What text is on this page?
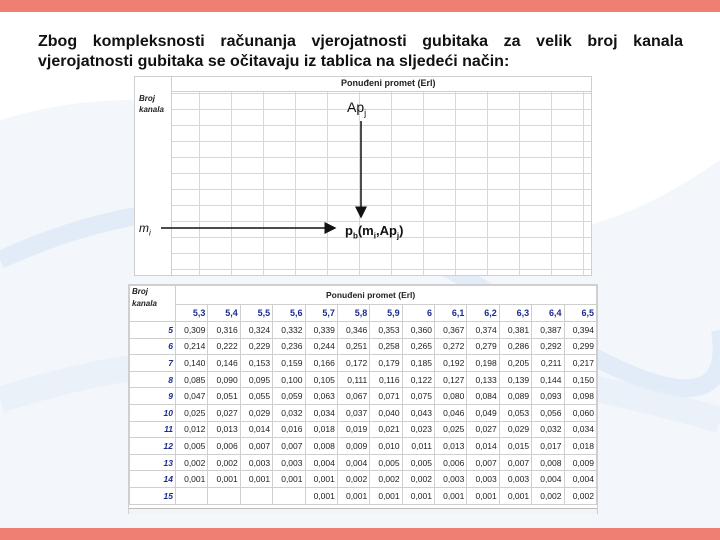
Zbog kompleksnosti računanja vjerojatnosti gubitaka za velik broj kanala
vjerojatnosti gubitaka se očitavaju iz tablica na sljedeći način:
Ponuđeni promet (Erl)
Broj
kanala	$Ap_j$
$m_i$	$p_b(m_i,Ap_j)$
Broj
kanala	Ponuđeni promet (Erl)												
	5,3	5,4	5,5	5,6	5,7	5,8	5,9	6	6,1	6,2	6,3	6,4	6,5
5	0,309	0,316	0,324	0,332	0,339	0,346	0,353	0,360	0,367	0,374	0,381	0,387	0,394
6	0,214	0,222	0,229	0,236	0,244	0,251	0,258	0,265	0,272	0,279	0,286	0,292	0,299
7	0,140	0,146	0,153	0,159	0,166	0,172	0,179	0,185	0,192	0,198	0,205	0,211	0,217
8	0,085	0,090	0,095	0,100	0,105	0,111	0,116	0,122	0,127	0,133	0,139	0,144	0,150
9	0,047	0,051	0,055	0,059	0,063	0,067	0,071	0,075	0,080	0,084	0,089	0,093	0,098
10	0,025	0,027	0,029	0,032	0,034	0,037	0,040	0,043	0,046	0,049	0,053	0,056	0,060
11	0,012	0,013	0,014	0,016	0,018	0,019	0,021	0,023	0,025	0,027	0,029	0,032	0,034
12	0,005	0,006	0,007	0,007	0,008	0,009	0,010	0,011	0,013	0,014	0,015	0,017	0,018
13	0,002	0,002	0,003	0,003	0,004	0,004	0,005	0,005	0,006	0,007	0,007	0,008	0,009
14	0,001	0,001	0,001	0,001	0,001	0,002	0,002	0,002	0,003	0,003	0,003	0,004	0,004
15					0,001	0,001	0,001	0,001	0,001	0,001	0,001	0,002	0,002
